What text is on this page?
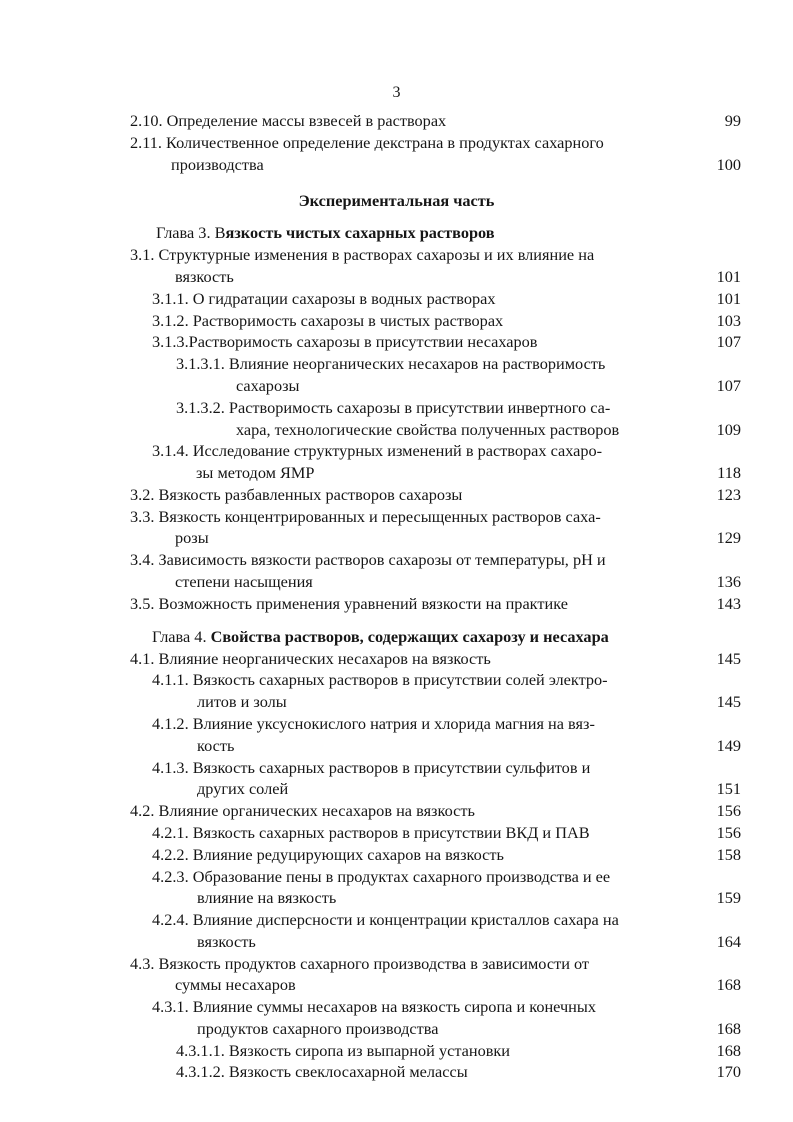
3
2.10. Определение массы взвесей в растворах	99
2.11. Количественное определение декстрана в продуктах сахарного
производства	100
Экспериментальная часть
Глава 3. Вязкость чистых сахарных растворов
3.1. Структурные изменения в растворах сахарозы и их влияние на
вязкость	101
3.1.1. О гидратации сахарозы в водных растворах	101
3.1.2. Растворимость сахарозы в чистых растворах	103
3.1.3.Растворимость сахарозы в присутствии несахаров	107
3.1.3.1. Влияние неорганических несахаров на растворимость
сахарозы	107
3.1.3.2. Растворимость сахарозы в присутствии инвертного са-
хара, технологические свойства полученных растворов	109
3.1.4. Исследование структурных изменений в растворах сахаро-
зы методом ЯМР	118
3.2. Вязкость разбавленных растворов сахарозы	123
3.3. Вязкость концентрированных и пересыщенных растворов саха-
розы	129
3.4. Зависимость вязкости растворов сахарозы от температуры, рН и
степени насыщения	136
3.5. Возможность применения уравнений вязкости на практике	143
Глава 4. Свойства растворов, содержащих сахарозу и несахара
4.1. Влияние неорганических несахаров на вязкость	145
4.1.1. Вязкость сахарных растворов в присутствии солей электро-
литов и золы	145
4.1.2. Влияние уксуснокислого натрия и хлорида магния на вяз-
кость	149
4.1.3. Вязкость сахарных растворов в присутствии сульфитов и
других солей	151
4.2. Влияние органических несахаров на вязкость	156
4.2.1. Вязкость сахарных растворов в присутствии ВКД и ПАВ	156
4.2.2. Влияние редуцирующих сахаров на вязкость	158
4.2.3. Образование пены в продуктах сахарного производства и ее
влияние на вязкость	159
4.2.4. Влияние дисперсности и концентрации кристаллов сахара на
вязкость	164
4.3. Вязкость продуктов сахарного производства в зависимости от
суммы несахаров	168
4.3.1. Влияние суммы несахаров на вязкость сиропа и конечных
продуктов сахарного производства	168
4.3.1.1. Вязкость сиропа из выпарной установки	168
4.3.1.2. Вязкость свеклосахарной мелассы	170
